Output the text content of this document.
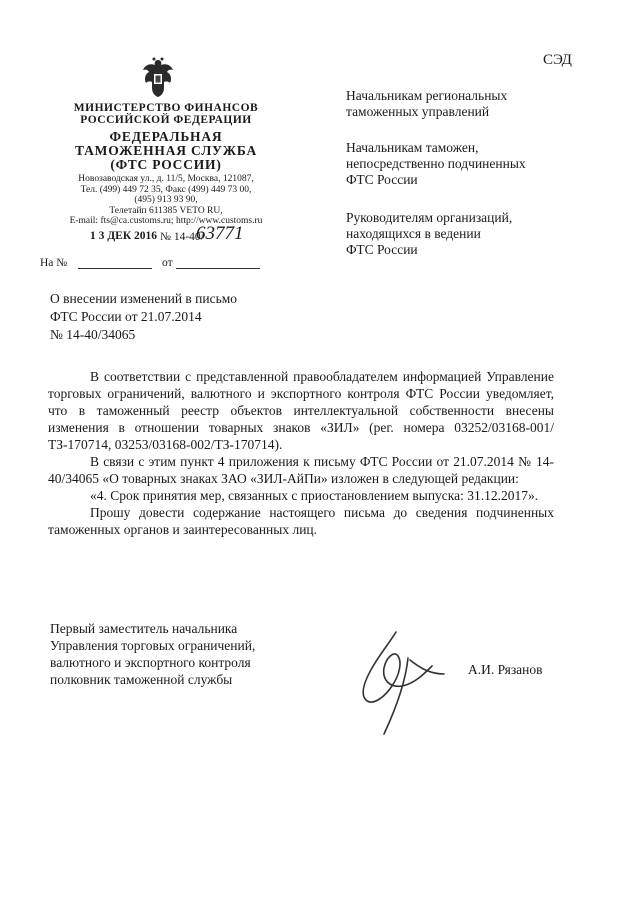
СЭД
МИНИСТЕРСТВО ФИНАНСОВ
РОССИЙСКОЙ ФЕДЕРАЦИИ
ФЕДЕРАЛЬНАЯ
ТАМОЖЕННАЯ СЛУЖБА
(ФТС РОССИИ)
Новозаводская ул., д. 11/5, Москва, 121087,
Тел. (499) 449 72 35, Факс (499) 449 73 00,
(495) 913 93 90,
Телетайп 611385 VETO RU,
E-mail: fts@ca.customs.ru; http://www.customs.ru
1 3 ДЕК 2016 № 14-40/
63771
На №	от
Начальникам региональных
таможенных управлений
Начальникам таможен,
непосредственно подчиненных
ФТС России
Руководителям организаций,
находящихся в ведении
ФТС России
О внесении изменений в письмо
ФТС России от 21.07.2014
№ 14-40/34065

В соответствии с представленной правообладателем информацией Управление торговых ограничений, валютного и экспортного контроля ФТС России уведомляет, что в таможенный реестр объектов интеллектуальной собственности внесены изменения в отношении товарных знаков «ЗИЛ» (рег. номера 03252/03168-001/ТЗ-170714, 03253/03168-002/ТЗ-170714).

В связи с этим пункт 4 приложения к письму ФТС России от 21.07.2014 № 14-40/34065 «О товарных знаках ЗАО «ЗИЛ-АйПи» изложен в следующей редакции:

«4. Срок принятия мер, связанных с приостановлением выпуска: 31.12.2017».

Прошу довести содержание настоящего письма до сведения подчиненных таможенных органов и заинтересованных лиц.

Первый заместитель начальника
Управления торговых ограничений,
валютного и экспортного контроля
полковник таможенной службы
А.И. Рязанов
